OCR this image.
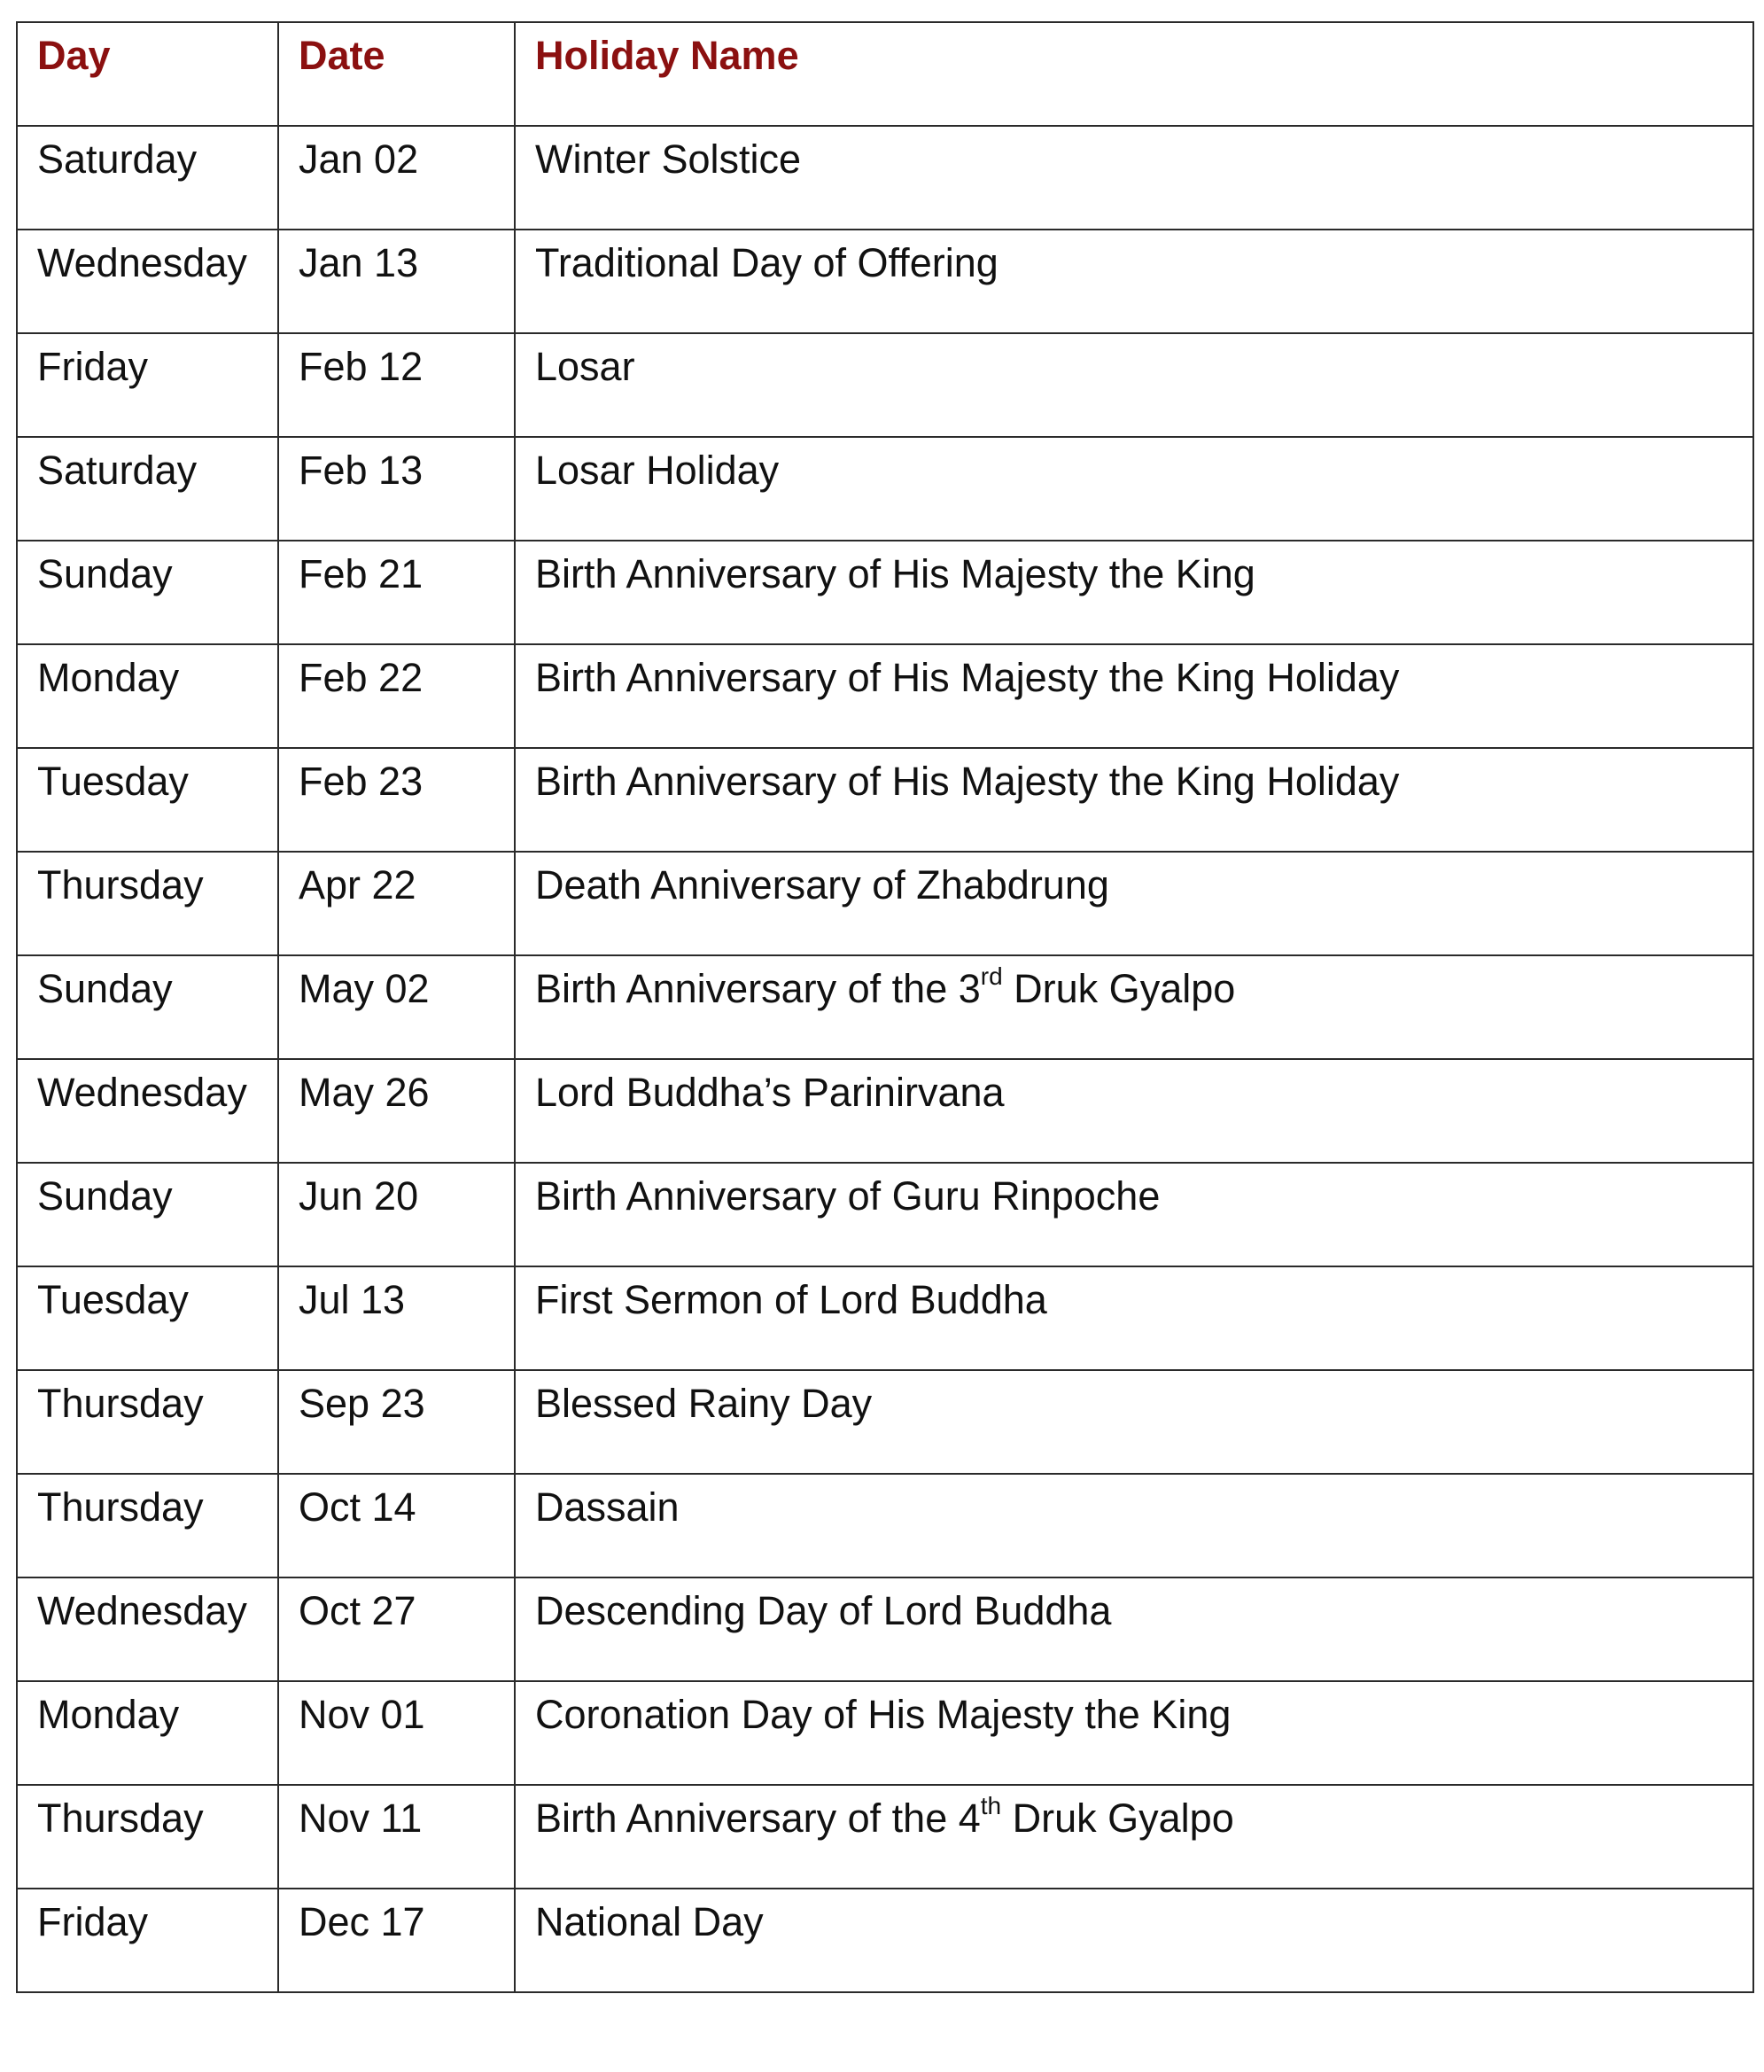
Day	Date	Holiday Name
Saturday	Jan 02	Winter Solstice
Wednesday	Jan 13	Traditional Day of Offering
Friday	Feb 12	Losar
Saturday	Feb 13	Losar Holiday
Sunday	Feb 21	Birth Anniversary of His Majesty the King
Monday	Feb 22	Birth Anniversary of His Majesty the King Holiday
Tuesday	Feb 23	Birth Anniversary of His Majesty the King Holiday
Thursday	Apr 22	Death Anniversary of Zhabdrung
Sunday	May 02	Birth Anniversary of the 3rd Druk Gyalpo
Wednesday	May 26	Lord Buddha’s Parinirvana
Sunday	Jun 20	Birth Anniversary of Guru Rinpoche
Tuesday	Jul 13	First Sermon of Lord Buddha
Thursday	Sep 23	Blessed Rainy Day
Thursday	Oct 14	Dassain
Wednesday	Oct 27	Descending Day of Lord Buddha
Monday	Nov 01	Coronation Day of His Majesty the King
Thursday	Nov 11	Birth Anniversary of the 4th Druk Gyalpo
Friday	Dec 17	National Day
